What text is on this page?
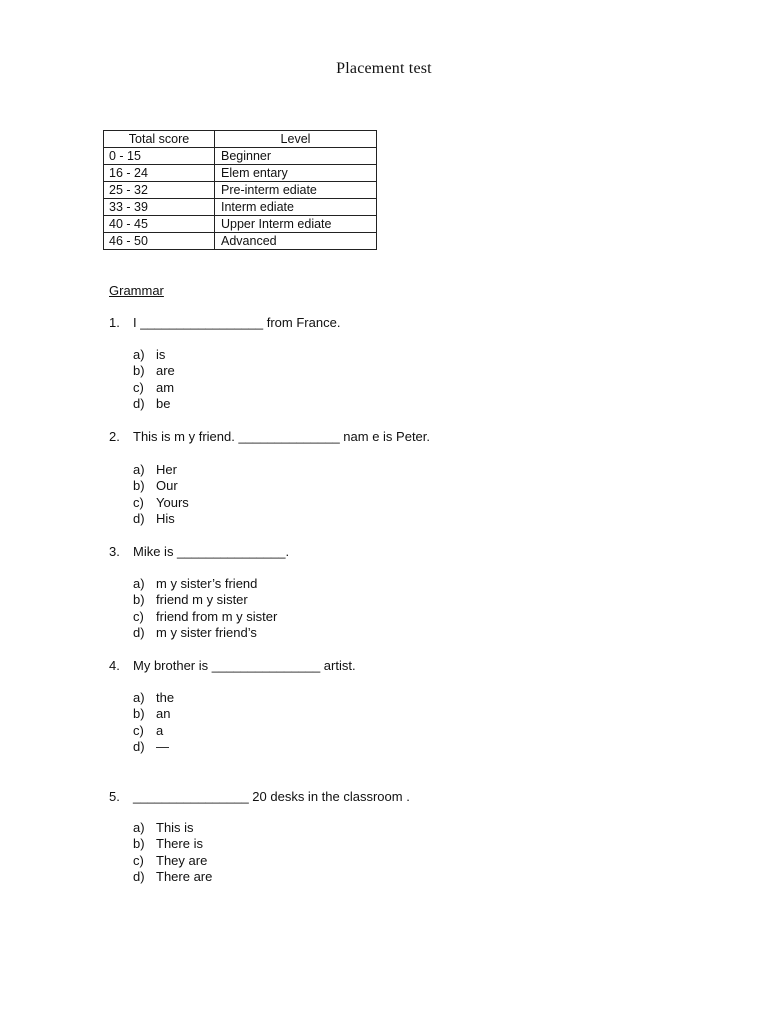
Placement test
Total score	Level
0 - 15	Beginner
16 - 24	Elem entary
25 - 32	Pre-interm ediate
33 - 39	Interm ediate
40 - 45	Upper Interm ediate
46 - 50	Advanced
Grammar
1. I _________________ from France.
a) is
b) are
c) am
d) be
2. This is m y friend. ______________ nam e is Peter.
a) Her
b) Our
c) Yours
d) His
3. Mike is _______________.
a) m y sister’s friend
b) friend m y sister
c) friend from m y sister
d) m y sister friend’s
4. My brother is _______________ artist.
a) the
b) an
c) a
d) —
5. ________________ 20 desks in the classroom .
a) This is
b) There is
c) They are
d) There are
